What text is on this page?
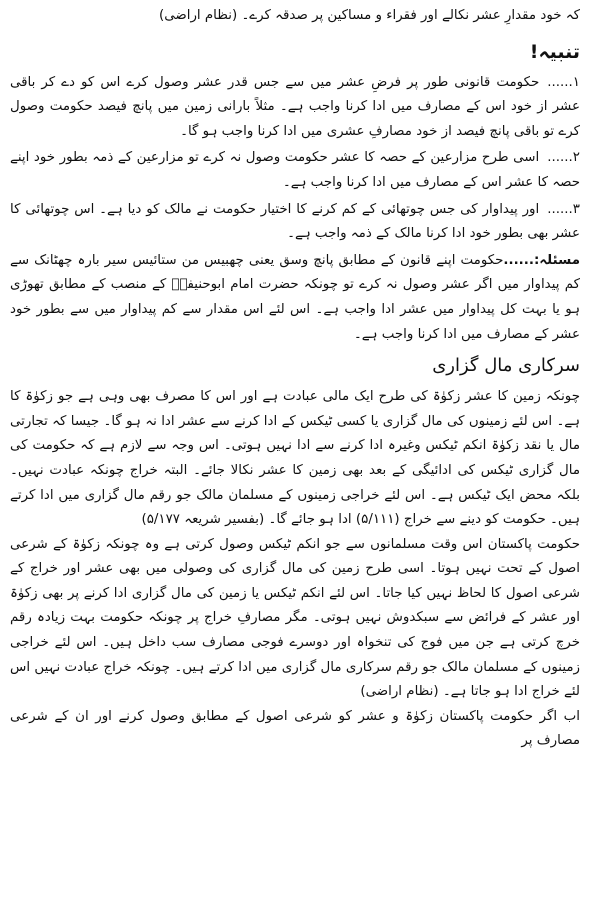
کہ خود مقدارِ عشر نکالے اور فقراء و مساکین پر صدقہ کرے۔ (نظام اراضی)

تنبیہ!

۱......حکومت قانونی طور پر فرضِ عشر میں سے جس قدر عشر وصول کرے اس کو دے کر باقی عشر از خود اس کے مصارف میں ادا کرنا واجب ہے۔ مثلاً بارانی زمین میں پانچ فیصد حکومت وصول کرے تو باقی پانچ فیصد از خود مصارفِ عشری میں ادا کرنا واجب ہو گا۔

۲......اسی طرح مزارعین کے حصہ کا عشر حکومت وصول نہ کرے تو مزارعین کے ذمہ بطور خود اپنے حصہ کا عشر اس کے مصارف میں ادا کرنا واجب ہے۔

۳......اور پیداوار کی جس چوتھائی کے کم کرنے کا اختیار حکومت نے مالک کو دیا ہے۔ اس چوتھائی کا عشر بھی بطور خود ادا کرنا مالک کے ذمہ واجب ہے۔

مسئلہ:......حکومت اپنے قانون کے مطابق پانچ وسق یعنی چھبیس من ستائیس سیر بارہ چھٹانک سے کم پیداوار میں اگر عشر وصول نہ کرے تو چونکہ حضرت امام ابوحنیفہؒ کے منصب کے مطابق تھوڑی ہو یا بہت کل پیداوار میں عشر ادا واجب ہے۔ اس لئے اس مقدار سے کم پیداوار میں سے بطور خود عشر کے مصارف میں ادا کرنا واجب ہے۔

سرکاری مال گزاری

چونکہ زمین کا عشر زکوٰۃ کی طرح ایک مالی عبادت ہے اور اس کا مصرف بھی وہی ہے جو زکوٰۃ کا ہے۔ اس لئے زمینوں کی مال گزاری یا کسی ٹیکس کے ادا کرنے سے عشر ادا نہ ہو گا۔ جیسا کہ تجارتی مال یا نقد زکوٰۃ انکم ٹیکس وغیرہ ادا کرنے سے ادا نہیں ہوتی۔ اس وجہ سے لازم ہے کہ حکومت کی مال گزاری ٹیکس کی ادائیگی کے بعد بھی زمین کا عشر نکالا جائے۔ البتہ خراج چونکہ عبادت نہیں۔ بلکہ محض ایک ٹیکس ہے۔ اس لئے خراجی زمینوں کے مسلمان مالک جو رقم مال گزاری میں ادا کرتے ہیں۔ حکومت کو دینے سے خراج (۵/۱۱۱) ادا ہو جائے گا۔ (بفسیر شریعہ ۵/۱۷۷)

حکومت پاکستان اس وقت مسلمانوں سے جو انکم ٹیکس وصول کرتی ہے وہ چونکہ زکوٰۃ کے شرعی اصول کے تحت نہیں ہوتا۔ اسی طرح زمین کی مال گزاری کی وصولی میں بھی عشر اور خراج کے شرعی اصول کا لحاظ نہیں کیا جاتا۔ اس لئے انکم ٹیکس یا زمین کی مال گزاری ادا کرنے پر بھی زکوٰۃ اور عشر کے فرائض سے سبکدوش نہیں ہوتی۔ مگر مصارفِ خراج پر چونکہ حکومت بہت زیادہ رقم خرچ کرتی ہے جن میں فوج کی تنخواہ اور دوسرے فوجی مصارف سب داخل ہیں۔ اس لئے خراجی زمینوں کے مسلمان مالک جو رقم سرکاری مال گزاری میں ادا کرتے ہیں۔ چونکہ خراج عبادت نہیں اس لئے خراج ادا ہو جاتا ہے۔ (نظام اراضی)

اب اگر حکومت پاکستان زکوٰۃ و عشر کو شرعی اصول کے مطابق وصول کرنے اور ان کے شرعی مصارف پر
